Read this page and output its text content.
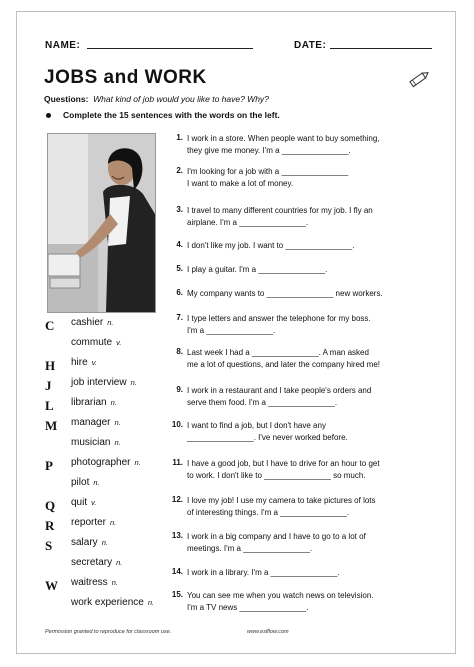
NAME:	DATE:
JOBS and WORK
Questions: What kind of job would you like to have? Why?
Complete the 15 sentences with the words on the left.
C cashier n.
commute v.
H hire v.
J job interview n.
L librarian n.
M manager n.
musician n.
P photographer n.
pilot n.
Q quit v.
R reporter n.
S salary n.
secretary n.
W waitress n.
work experience n.
1. I work in a store. When people want to buy something,
they give me money. I'm a _______________.
2. I'm looking for a job with a _______________
I want to make a lot of money.
3. I travel to many different countries for my job. I fly an
airplane. I'm a _______________.
4. I don't like my job. I want to _______________.
5. I play a guitar. I'm a _______________.
6. My company wants to _______________ new workers.
7. I type letters and answer the telephone for my boss.
I'm a _______________.
8. Last week I had a _______________. A man asked
me a lot of questions, and later the company hired me!
9. I work in a restaurant and I take people's orders and
serve them food. I'm a _______________.
10. I want to find a job, but I don't have any
_______________. I've never worked before.
11. I have a good job, but I have to drive for an hour to get
to work. I don't like to _______________ so much.
12. I love my job! I use my camera to take pictures of lots
of interesting things. I'm a _______________.
13. I work in a big company and I have to go to a lot of
meetings. I'm a _______________.
14. I work in a library. I'm a _______________.
15. You can see me when you watch news on television.
I'm a TV news _______________.
Permission granted to reproduce for classroom use.	www.eslflow.com
